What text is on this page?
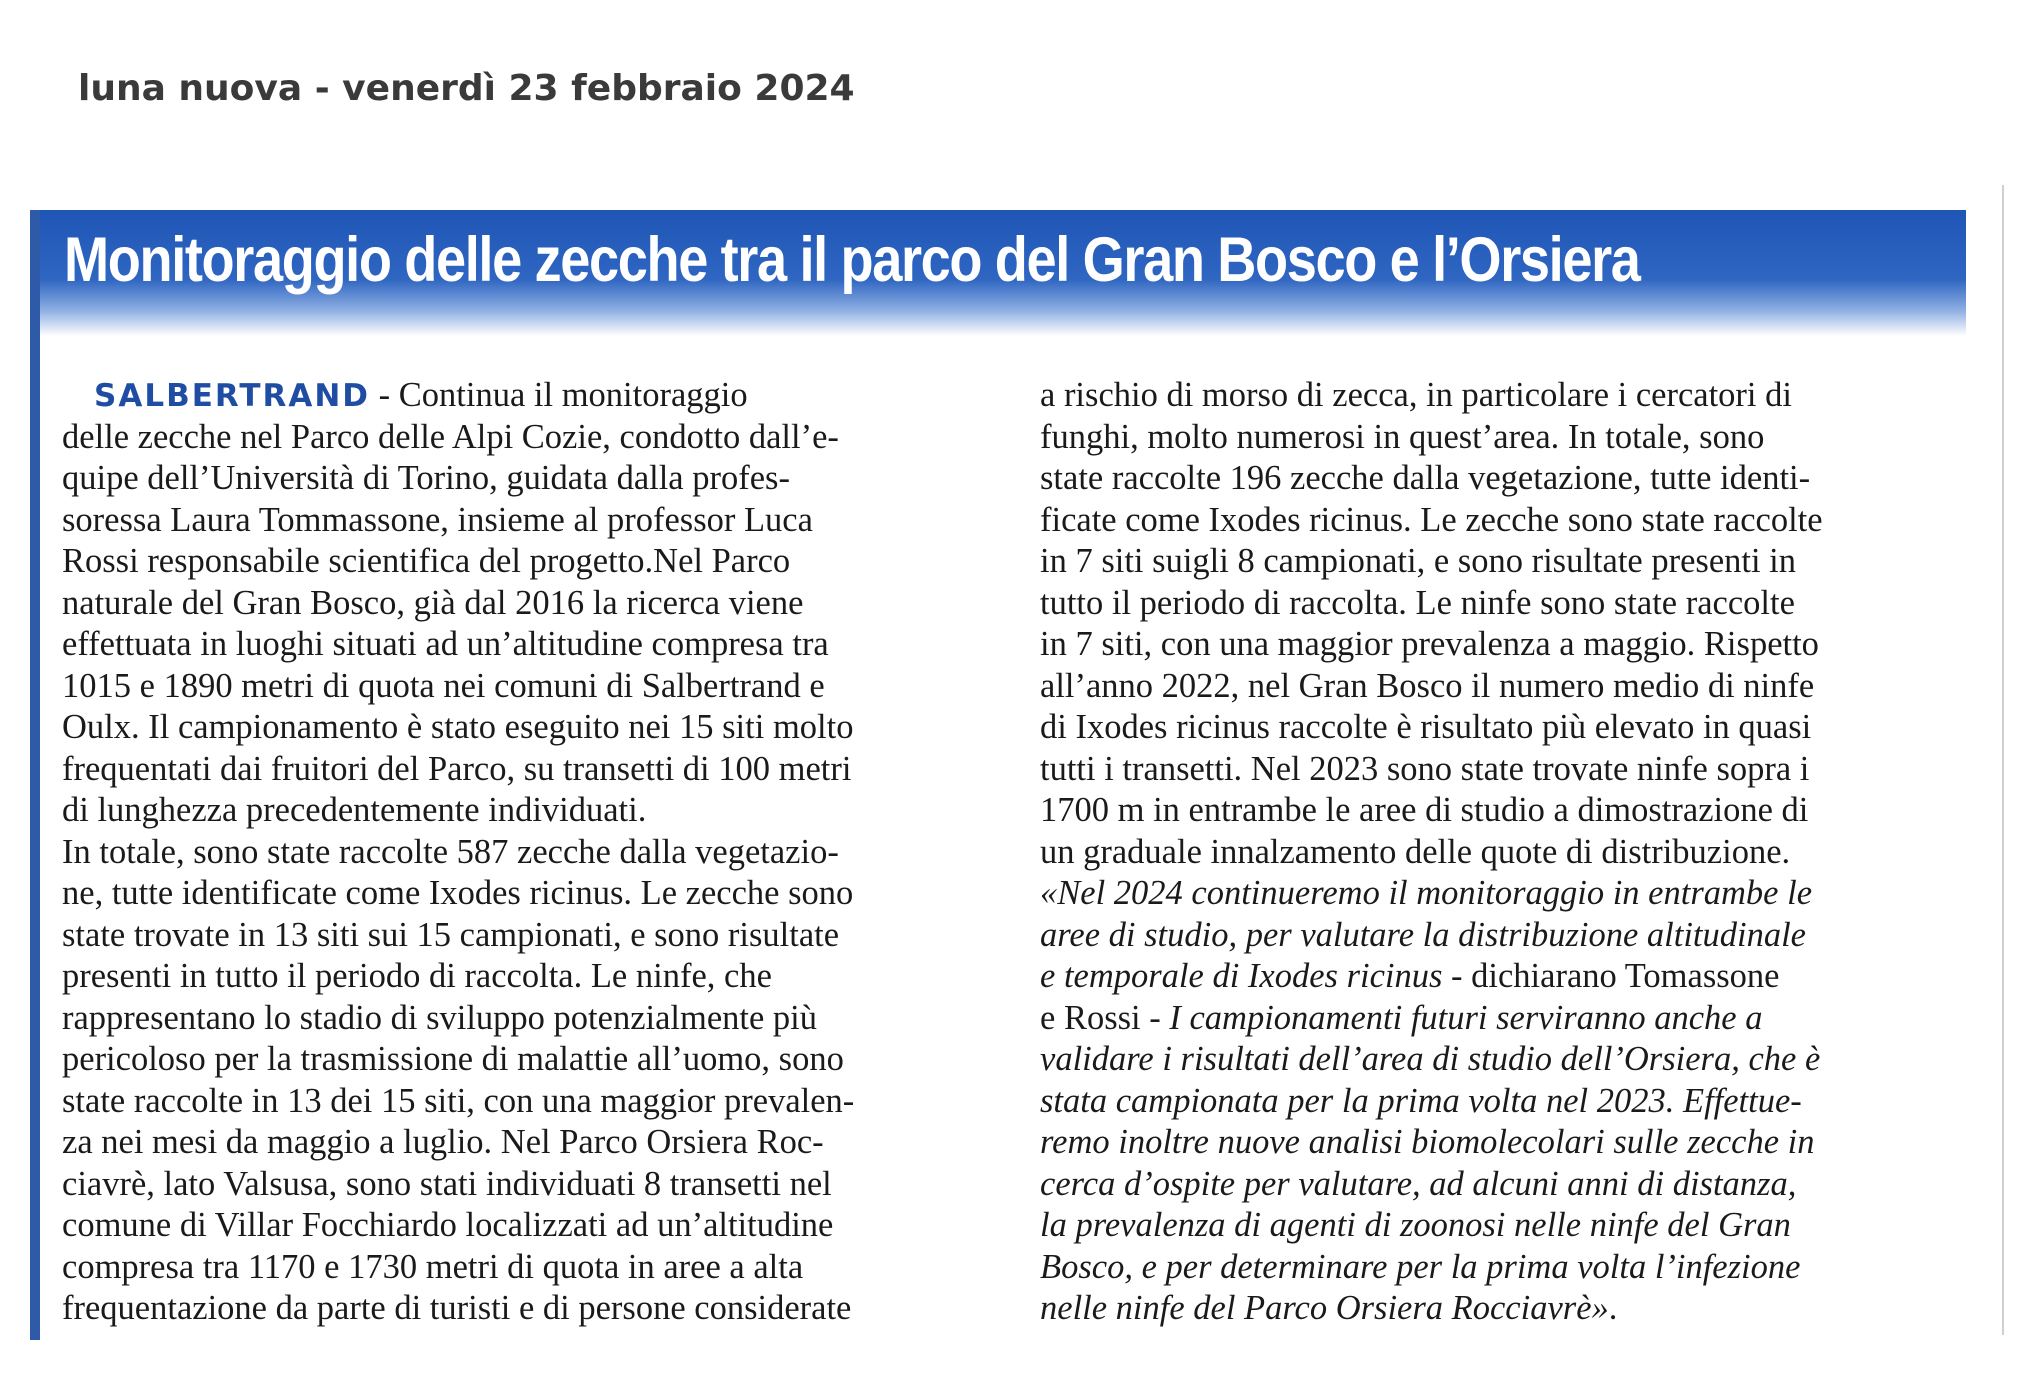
luna nuova - venerdì 23 febbraio 2024
Monitoraggio delle zecche tra il parco del Gran Bosco e l’Orsiera
SALBERTRAND - Continua il monitoraggio
delle zecche nel Parco delle Alpi Cozie, condotto dall’e-
quipe dell’Università di Torino, guidata dalla profes-
soressa Laura Tommassone, insieme al professor Luca
Rossi responsabile scientifica del progetto.Nel Parco
naturale del Gran Bosco, già dal 2016 la ricerca viene
effettuata in luoghi situati ad un’altitudine compresa tra
1015 e 1890 metri di quota nei comuni di Salbertrand e
Oulx. Il campionamento è stato eseguito nei 15 siti molto
frequentati dai fruitori del Parco, su transetti di 100 metri
di lunghezza precedentemente individuati.
In totale, sono state raccolte 587 zecche dalla vegetazio-
ne, tutte identificate come Ixodes ricinus. Le zecche sono
state trovate in 13 siti sui 15 campionati, e sono risultate
presenti in tutto il periodo di raccolta. Le ninfe, che
rappresentano lo stadio di sviluppo potenzialmente più
pericoloso per la trasmissione di malattie all’uomo, sono
state raccolte in 13 dei 15 siti, con una maggior prevalen-
za nei mesi da maggio a luglio. Nel Parco Orsiera Roc-
ciavrè, lato Valsusa, sono stati individuati 8 transetti nel
comune di Villar Focchiardo localizzati ad un’altitudine
compresa tra 1170 e 1730 metri di quota in aree a alta
frequentazione da parte di turisti e di persone considerate
a rischio di morso di zecca, in particolare i cercatori di
funghi, molto numerosi in quest’area. In totale, sono
state raccolte 196 zecche dalla vegetazione, tutte identi-
ficate come Ixodes ricinus. Le zecche sono state raccolte
in 7 siti suigli 8 campionati, e sono risultate presenti in
tutto il periodo di raccolta. Le ninfe sono state raccolte
in 7 siti, con una maggior prevalenza a maggio. Rispetto
all’anno 2022, nel Gran Bosco il numero medio di ninfe
di Ixodes ricinus raccolte è risultato più elevato in quasi
tutti i transetti. Nel 2023 sono state trovate ninfe sopra i
1700 m in entrambe le aree di studio a dimostrazione di
un graduale innalzamento delle quote di distribuzione.
«Nel 2024 continueremo il monitoraggio in entrambe le
aree di studio, per valutare la distribuzione altitudinale
e temporale di Ixodes ricinus - dichiarano Tomassone
e Rossi - I campionamenti futuri serviranno anche a
validare i risultati dell’area di studio dell’Orsiera, che è
stata campionata per la prima volta nel 2023. Effettue-
remo inoltre nuove analisi biomolecolari sulle zecche in
cerca d’ospite per valutare, ad alcuni anni di distanza,
la prevalenza di agenti di zoonosi nelle ninfe del Gran
Bosco, e per determinare per la prima volta l’infezione
nelle ninfe del Parco Orsiera Rocciavrè».
